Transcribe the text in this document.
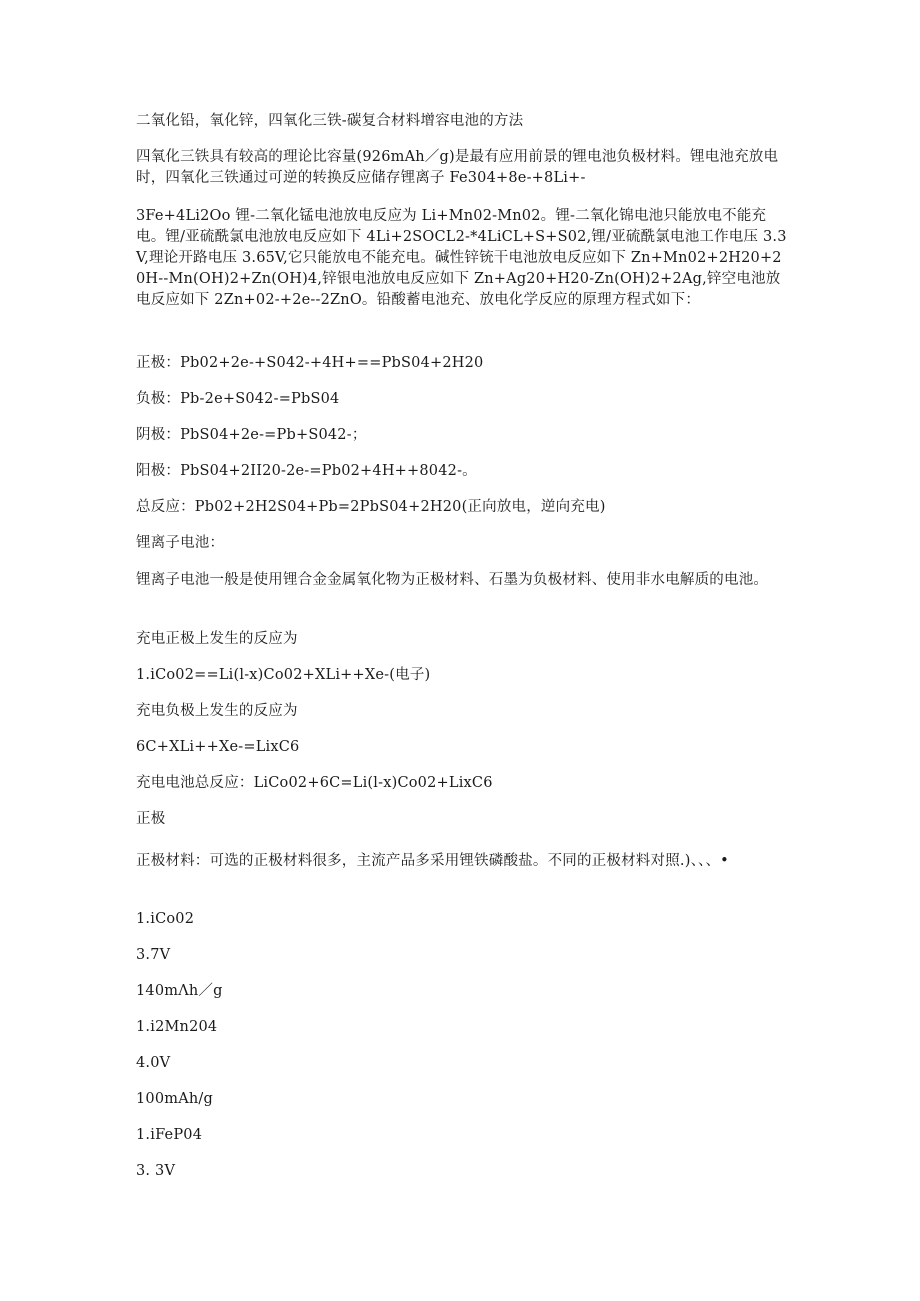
二氧化铅，氧化锌，四氧化三铁-碳复合材料增容电池的方法
四氧化三铁具有较高的理论比容量(926mAh／g)是最有应用前景的锂电池负极材料。锂电池充放电时，四氧化三铁通过可逆的转换反应储存锂离子 Fe304+8e-+8Li+-
3Fe+4Li2Oo 锂-二氧化锰电池放电反应为 Li+Mn02-Mn02。锂-二氧化锦电池只能放电不能充电。锂/亚硫酰氯电池放电反应如下 4Li+2SOCL2-*4LiCL+S+S02,锂/亚硫酰氯电池工作电压 3.3V,理论开路电压 3.65V,它只能放电不能充电。碱性锌铳干电池放电反应如下 Zn+Mn02+2H20+20H--Mn(OH)2+Zn(OH)4,锌银电池放电反应如下 Zn+Ag20+H20-Zn(OH)2+2Ag,锌空电池放电反应如下 2Zn+02-+2e--2ZnO。铅酸蓄电池充、放电化学反应的原理方程式如下：
正极：Pb02+2e-+S042-+4H+==PbS04+2H20
负极：Pb-2e+S042-=PbS04
阴极：PbS04+2e-=Pb+S042-；
阳极：PbS04+2II20-2e-=Pb02+4H++8042-。
总反应：Pb02+2H2S04+Pb=2PbS04+2H20(正向放电，逆向充电)
锂离子电池：
锂离子电池一般是使用锂合金金属氧化物为正极材料、石墨为负极材料、使用非水电解质的电池。
充电正极上发生的反应为
1.iCo02==Li(l-x)Co02+XLi++Xe-(电子)
充电负极上发生的反应为
6C+XLi++Xe-=LixC6
充电电池总反应：LiCo02+6C=Li(l-x)Co02+LixC6
正极
正极材料：可选的正极材料很多，主流产品多采用锂铁磷酸盐。不同的正极材料对照.)、、、•
1.iCo02
3.7V
140mΛh／g
1.i2Mn204
4.0V
100mAh/g
1.iFeP04
3. 3V
